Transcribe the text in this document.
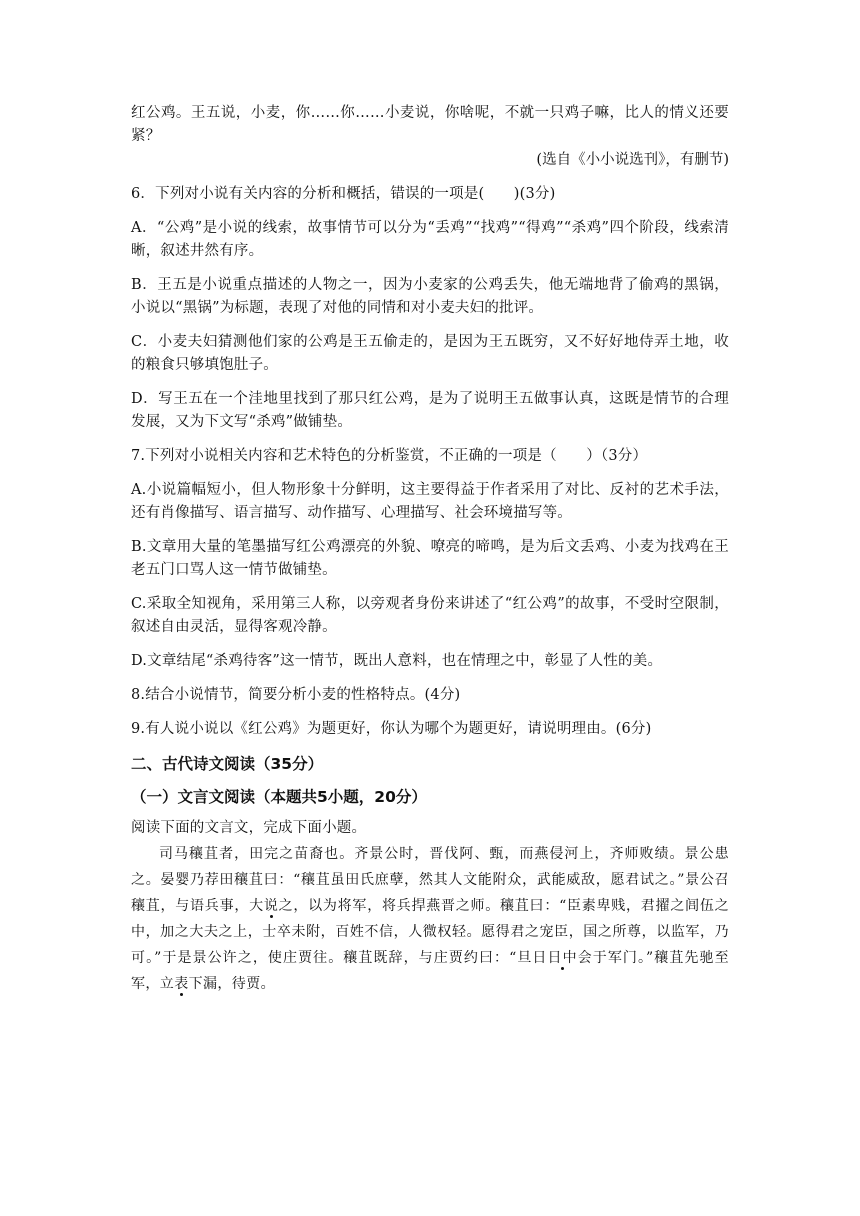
红公鸡。王五说，小麦，你……你……小麦说，你啥呢，不就一只鸡子嘛，比人的情义还要紧？

(选自《小小说选刊》，有删节)

6．下列对小说有关内容的分析和概括，错误的一项是(　　)(3分)

A．“公鸡”是小说的线索，故事情节可以分为“丢鸡”“找鸡”“得鸡”“杀鸡”四个阶段，线索清晰，叙述井然有序。

B．王五是小说重点描述的人物之一，因为小麦家的公鸡丢失，他无端地背了偷鸡的黑锅，小说以“黑锅”为标题，表现了对他的同情和对小麦夫妇的批评。

C．小麦夫妇猜测他们家的公鸡是王五偷走的，是因为王五既穷，又不好好地侍弄土地，收的粮食只够填饱肚子。

D．写王五在一个洼地里找到了那只红公鸡，是为了说明王五做事认真，这既是情节的合理发展，又为下文写“杀鸡”做铺垫。

7.下列对小说相关内容和艺术特色的分析鉴赏，不正确的一项是（　　）（3分）

A.小说篇幅短小，但人物形象十分鲜明，这主要得益于作者采用了对比、反衬的艺术手法，还有肖像描写、语言描写、动作描写、心理描写、社会环境描写等。

B.文章用大量的笔墨描写红公鸡漂亮的外貌、嘹亮的啼鸣，是为后文丢鸡、小麦为找鸡在王老五门口骂人这一情节做铺垫。

C.采取全知视角，采用第三人称，以旁观者身份来讲述了“红公鸡”的故事，不受时空限制，叙述自由灵活，显得客观冷静。

D.文章结尾“杀鸡待客”这一情节，既出人意料，也在情理之中，彰显了人性的美。

8.结合小说情节，简要分析小麦的性格特点。(4分)

9.有人说小说以《红公鸡》为题更好，你认为哪个为题更好，请说明理由。(6分)

二、古代诗文阅读（35分）
（一）文言文阅读（本题共5小题，20分）

阅读下面的文言文，完成下面小题。

司马穰苴者，田完之苗裔也。齐景公时，晋伐阿、甄，而燕侵河上，齐师败绩。景公患之。晏婴乃荐田穰苴曰：“穰苴虽田氏庶孽，然其人文能附众，武能威敌，愿君试之。”景公召穰苴，与语兵事，大说之，以为将军，将兵捍燕晋之师。穰苴曰：“臣素卑贱，君擢之闾伍之中，加之大夫之上，士卒未附，百姓不信，人微权轻。愿得君之宠臣，国之所尊，以监军，乃可。”于是景公许之，使庄贾往。穰苴既辞，与庄贾约曰：“旦日日中会于军门。”穰苴先驰至军，立表下漏，待贾。
